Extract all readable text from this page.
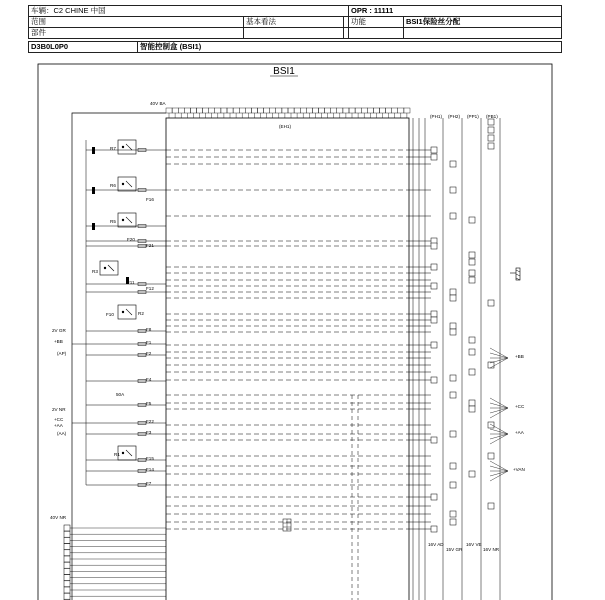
车辆：C2 CHINE 中国			OPR : 11111	
范围	基本看法		功能	BSI1保险丝分配
部件				
D3B0L0P0	智能控制盒 (BSI1)
BSI1
40V BA
(EH1)
(PH1) (PH2) (PP1) (PB1)
R7
R6
R5
R3
R2
R1
F16
F20
F21
F11
F12
F10
F8
F1
F2
F4
F5
F22
F3
F15
F14
F7
50A
2V GR
+BB
(AP)
2V NR
+CC
+AA
(AA)
40V NR
+BB
+CC
+AA
+VAN
16V AD
15V GR
16V VE
16V NR
